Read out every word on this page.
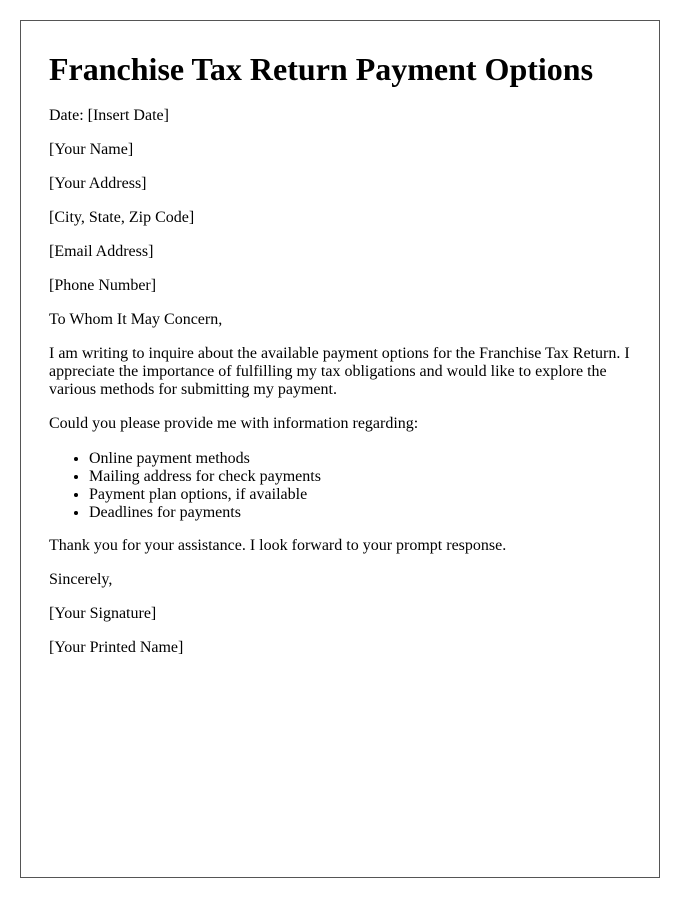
Franchise Tax Return Payment Options

Date: [Insert Date]

[Your Name]

[Your Address]

[City, State, Zip Code]

[Email Address]

[Phone Number]

To Whom It May Concern,

I am writing to inquire about the available payment options for the Franchise Tax Return. I appreciate the importance of fulfilling my tax obligations and would like to explore the various methods for submitting my payment.

Could you please provide me with information regarding:

• Online payment methods
• Mailing address for check payments
• Payment plan options, if available
• Deadlines for payments

Thank you for your assistance. I look forward to your prompt response.

Sincerely,

[Your Signature]

[Your Printed Name]
